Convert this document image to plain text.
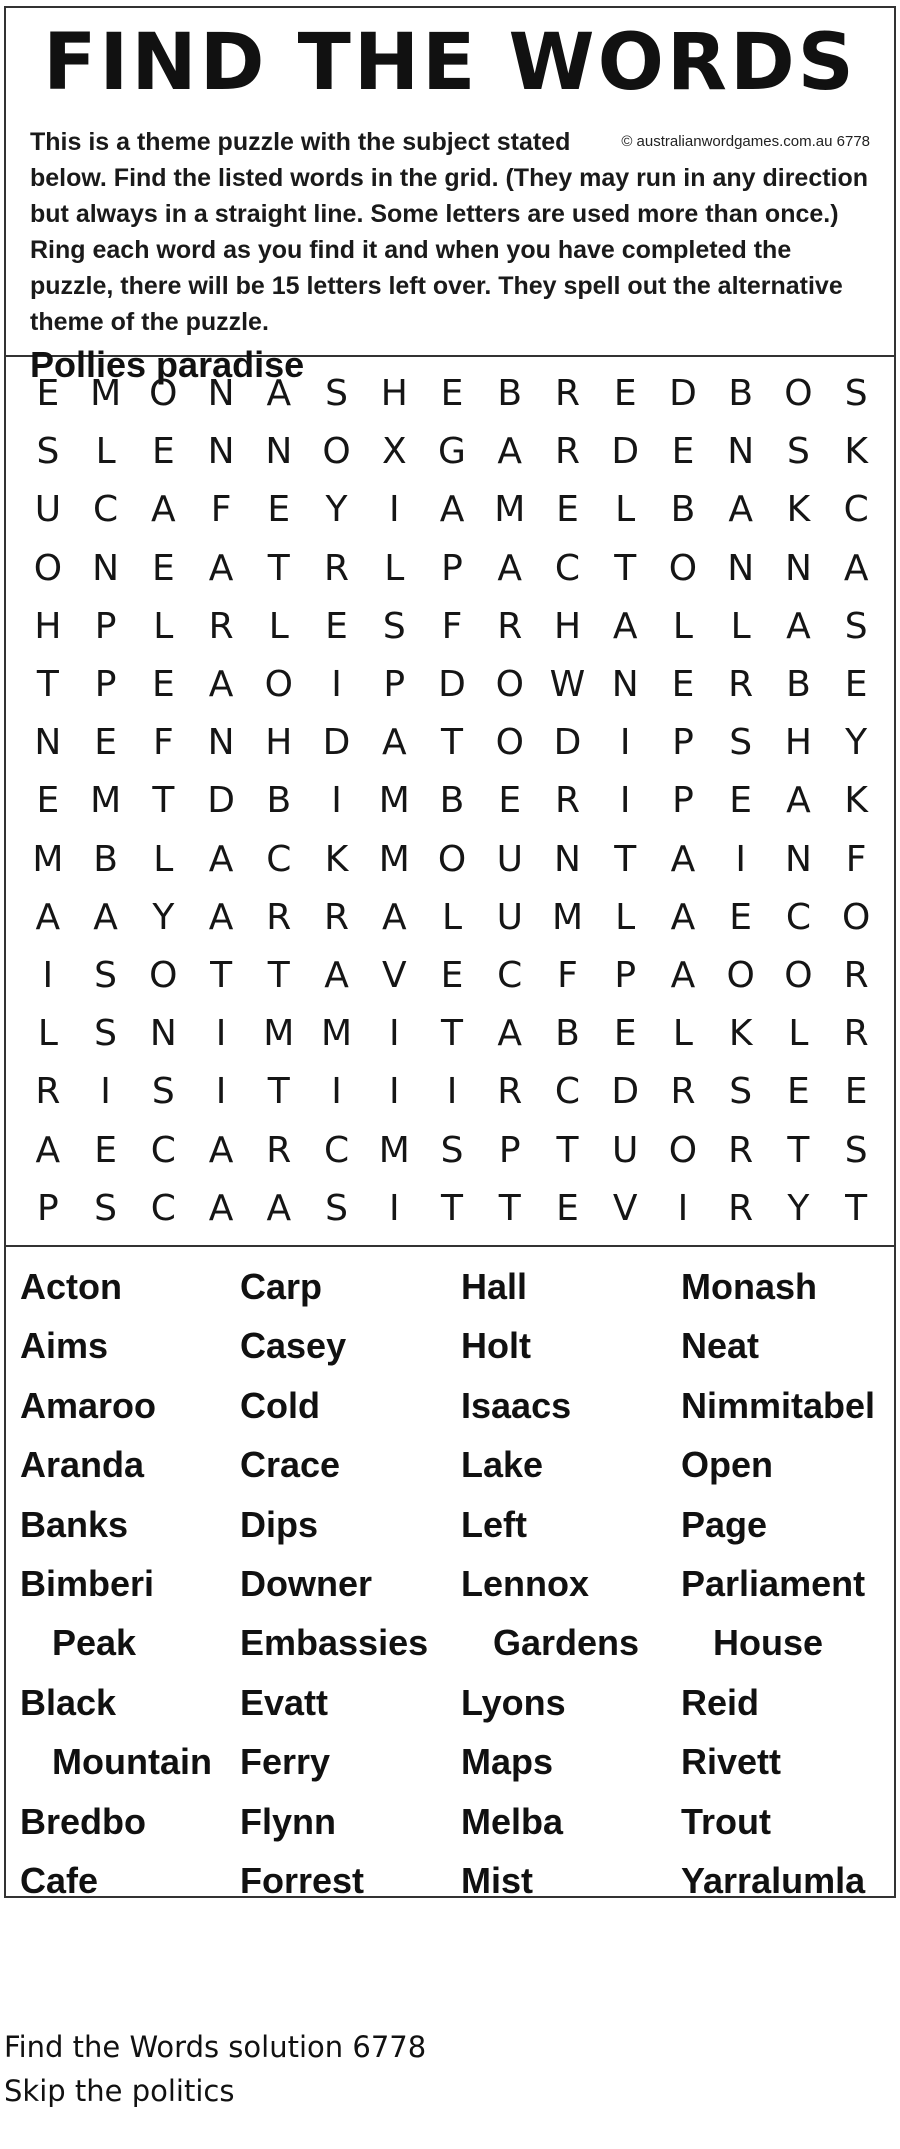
FIND THE WORDS

© australianwordgames.com.au 6778
This is a theme puzzle with the subject stated below. Find the listed words in the grid. (They may run in any direction but always in a straight line. Some letters are used more than once.) Ring each word as you find it and when you have completed the puzzle, there will be 15 letters left over. They spell out the alternative theme of the puzzle.

Pollies paradise
E M O N A S H E B R E D B O S
S	L	E N N O X G A R D E N S K
U C A F	E Y	I	A M E	L B A K C
O N E A T R L	P A C T O N N A
H P	L R L	E S F R H A L	L A S
T P E A O	I	P D O W N E R B E
N E	F N H D A T O D	I	P S H Y
E M T D B	I	M B E R	I	P E A K
M B L A C K M O U N T A	I	N F
A A Y A R R A L U M L A E C O
I	S O T T A V E C F	P A O O R
L	S N	I	M M	I	T A B E	L K L R
R	I	S	I	T	I	I	I	R C D R S E E
A E C A R C M S P T U O R T S
P S C A A S	I	T T E V	I	R Y T
Acton
Aims
Amaroo
Aranda
Banks
Bimberi
Peak
Black
Mountain
Bredbo
Cafe
Carp
Casey
Cold
Crace
Dips
Downer
Embassies
Evatt
Ferry
Flynn
Forrest
Hall
Holt
Isaacs
Lake
Left
Lennox
Gardens
Lyons
Maps
Melba
Mist
Monash
Neat
Nimmitabel
Open
Page
Parliament
House
Reid
Rivett
Trout
Yarralumla
Find the Words solution 6778
Skip the politics
